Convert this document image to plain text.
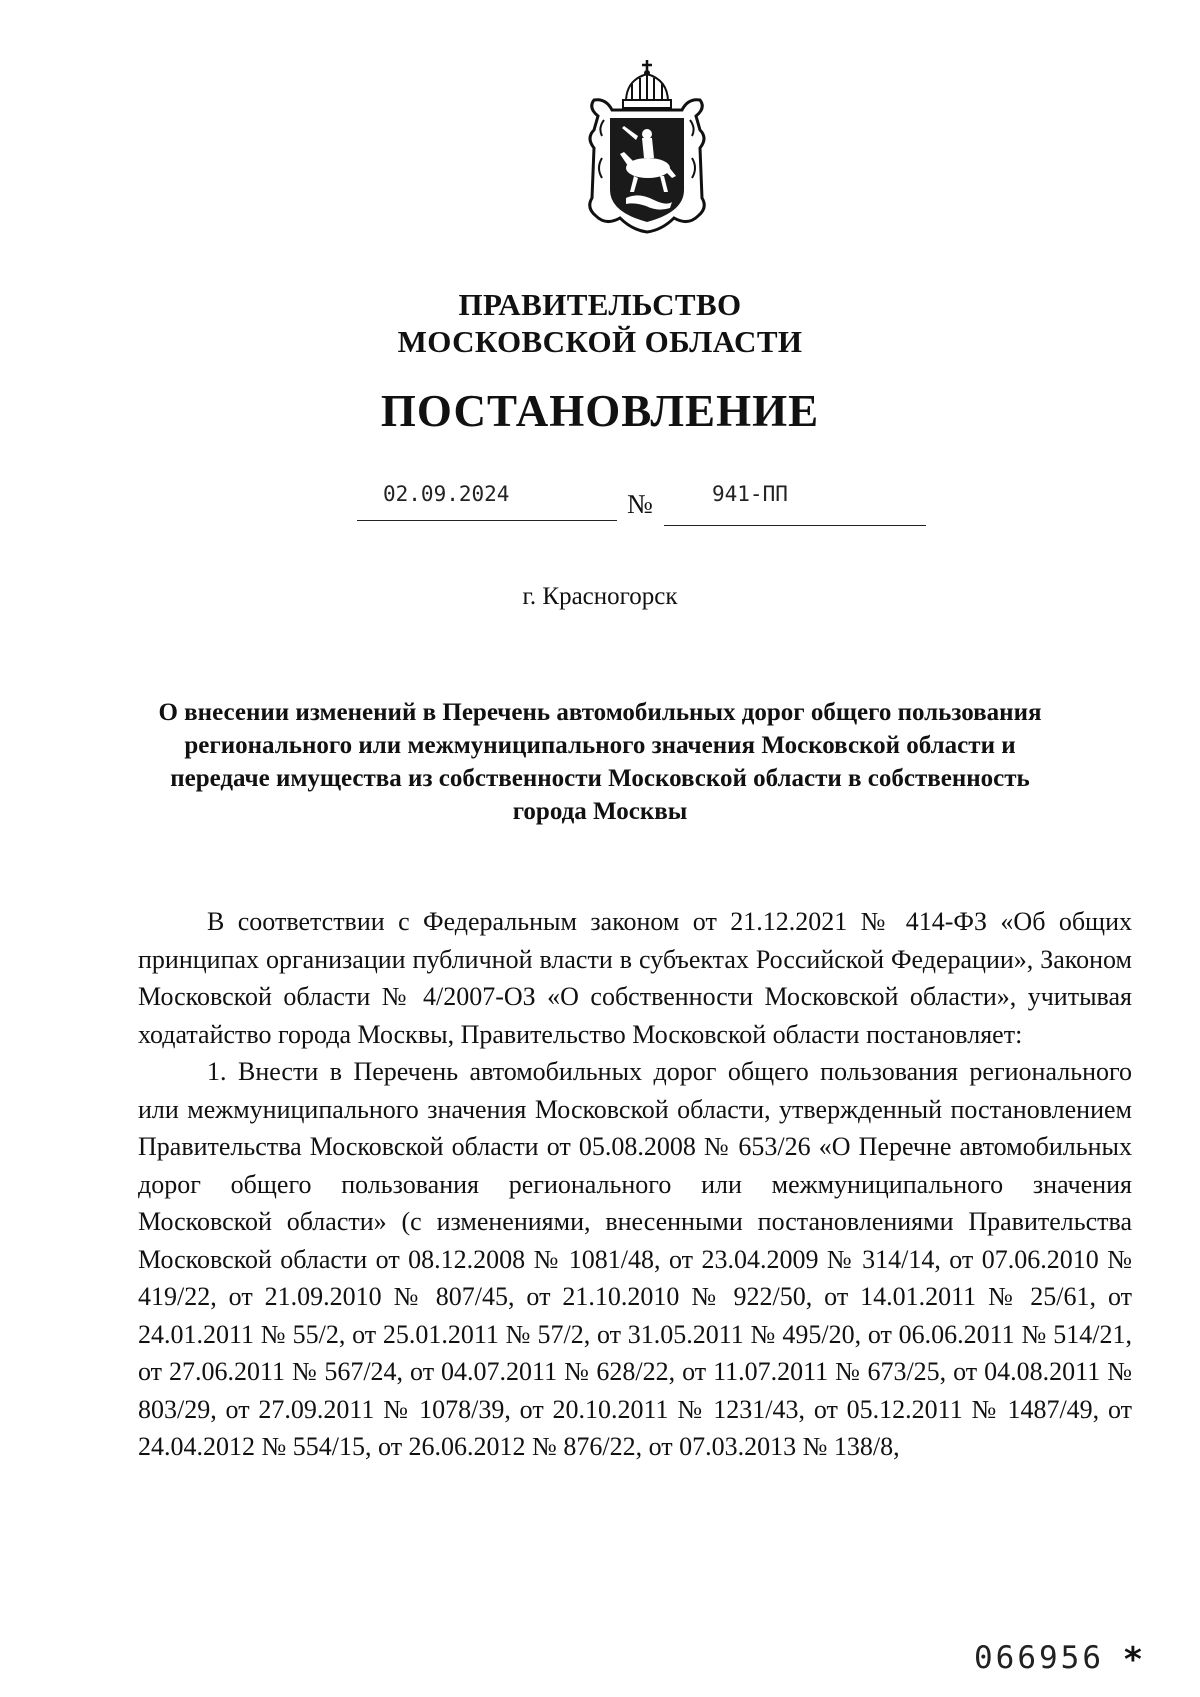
ПРАВИТЕЛЬСТВО
МОСКОВСКОЙ ОБЛАСТИ
ПОСТАНОВЛЕНИЕ
02.09.2024	№	941-ПП
г. Красногорск
О внесении изменений в Перечень автомобильных дорог общего пользования регионального или межмуниципального значения Московской области и передаче имущества из собственности Московской области в собственность города Москвы

В соответствии с Федеральным законом от 21.12.2021 № 414-ФЗ «Об общих принципах организации публичной власти в субъектах Российской Федерации», Законом Московской области № 4/2007-ОЗ «О собственности Московской области», учитывая ходатайство города Москвы, Правительство Московской области постановляет:

1. Внести в Перечень автомобильных дорог общего пользования регионального или межмуниципального значения Московской области, утвержденный постановлением Правительства Московской области от 05.08.2008 № 653/26 «О Перечне автомобильных дорог общего пользования регионального или межмуниципального значения Московской области» (с изменениями, внесенными постановлениями Правительства Московской области от 08.12.2008 № 1081/48, от 23.04.2009 № 314/14, от 07.06.2010 № 419/22, от 21.09.2010 № 807/45, от 21.10.2010 № 922/50, от 14.01.2011 № 25/61, от 24.01.2011 № 55/2, от 25.01.2011 № 57/2, от 31.05.2011 № 495/20, от 06.06.2011 № 514/21, от 27.06.2011 № 567/24, от 04.07.2011 № 628/22, от 11.07.2011 № 673/25, от 04.08.2011 № 803/29, от 27.09.2011 № 1078/39, от 20.10.2011 № 1231/43, от 05.12.2011 № 1487/49, от 24.04.2012 № 554/15, от 26.06.2012 № 876/22, от 07.03.2013 № 138/8,

066956 *
